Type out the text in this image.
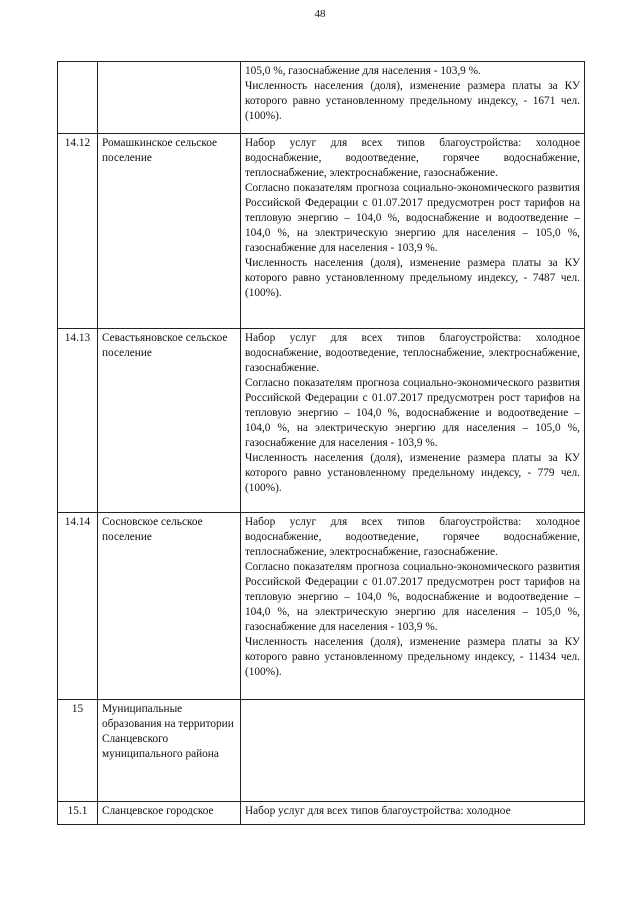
48

		105,0 %, газоснабжение для населения - 103,9 %.

Численность населения (доля), изменение размера платы за КУ которого равно установленному предельному индексу, - 1671 чел. (100%).

14.12	Ромашкинское сельское поселение	Набор услуг для всех типов благоустройства: холодное водоснабжение, водоотведение, горячее водоснабжение, теплоснабжение, электроснабжение, газоснабжение.

Согласно показателям прогноза социально-экономического развития Российской Федерации с 01.07.2017 предусмотрен рост тарифов на тепловую энергию – 104,0 %, водоснабжение и водоотведение – 104,0 %, на электрическую энергию для населения – 105,0 %, газоснабжение для населения - 103,9 %.

Численность населения (доля), изменение размера платы за КУ которого равно установленному предельному индексу, - 7487 чел. (100%).

14.13	Севастьяновское сельское поселение	Набор услуг для всех типов благоустройства: холодное водоснабжение, водоотведение, теплоснабжение, электроснабжение, газоснабжение.

Согласно показателям прогноза социально-экономического развития Российской Федерации с 01.07.2017 предусмотрен рост тарифов на тепловую энергию – 104,0 %, водоснабжение и водоотведение – 104,0 %, на электрическую энергию для населения – 105,0 %, газоснабжение для населения - 103,9 %.

Численность населения (доля), изменение размера платы за КУ которого равно установленному предельному индексу, - 779 чел. (100%).

14.14	Сосновское сельское поселение	Набор услуг для всех типов благоустройства: холодное водоснабжение, водоотведение, горячее водоснабжение, теплоснабжение, электроснабжение, газоснабжение.

Согласно показателям прогноза социально-экономического развития Российской Федерации с 01.07.2017 предусмотрен рост тарифов на тепловую энергию – 104,0 %, водоснабжение и водоотведение – 104,0 %, на электрическую энергию для населения – 105,0 %, газоснабжение для населения - 103,9 %.

Численность населения (доля), изменение размера платы за КУ которого равно установленному предельному индексу, - 11434 чел. (100%).

15	Муниципальные образования на территории Сланцевского муниципального района	
15.1	Сланцевское городское	Набор услуг для всех типов благоустройства: холодное
